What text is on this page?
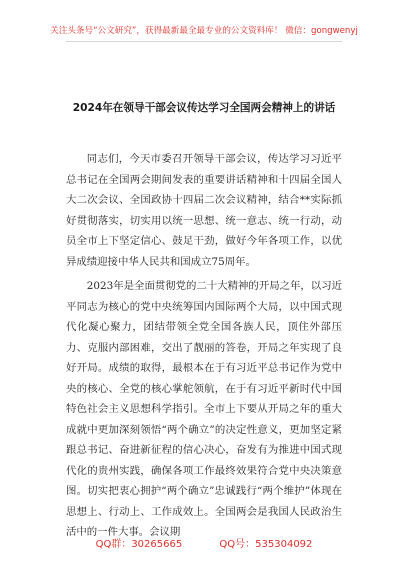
关注头条号“公文研究”，获得最新最全最专业的公文资料库！ 微信：gongwenyj
2024年在领导干部会议传达学习全国两会精神上的讲话

同志们，今天市委召开领导干部会议，传达学习习近平总书记在全国两会期间发表的重要讲话精神和十四届全国人大二次会议、全国政协十四届二次会议精神，结合**实际抓好贯彻落实，切实用以统一思想、统一意志、统一行动，动员全市上下坚定信心、鼓足干劲，做好今年各项工作，以优异成绩迎接中华人民共和国成立75周年。

2023年是全面贯彻党的二十大精神的开局之年，以习近平同志为核心的党中央统筹国内国际两个大局，以中国式现代化凝心聚力，团结带领全党全国各族人民，顶住外部压力、克服内部困难，交出了靓丽的答卷，开局之年实现了良好开局。成绩的取得，最根本在于有习近平总书记作为党中央的核心、全党的核心掌舵领航，在于有习近平新时代中国特色社会主义思想科学指引。全市上下要从开局之年的重大成就中更加深刻领悟“两个确立”的决定性意义，更加坚定紧跟总书记、奋进新征程的信心决心，奋发有为推进中国式现代化的贵州实践，确保各项工作最终效果符合党中央决策意图。切实把衷心拥护“两个确立”忠诚践行“两个维护”体现在思想上、行动上、工作成效上。全国两会是我国人民政治生活中的一件大事。会议期

QQ群：30265665	QQ号：535304092
